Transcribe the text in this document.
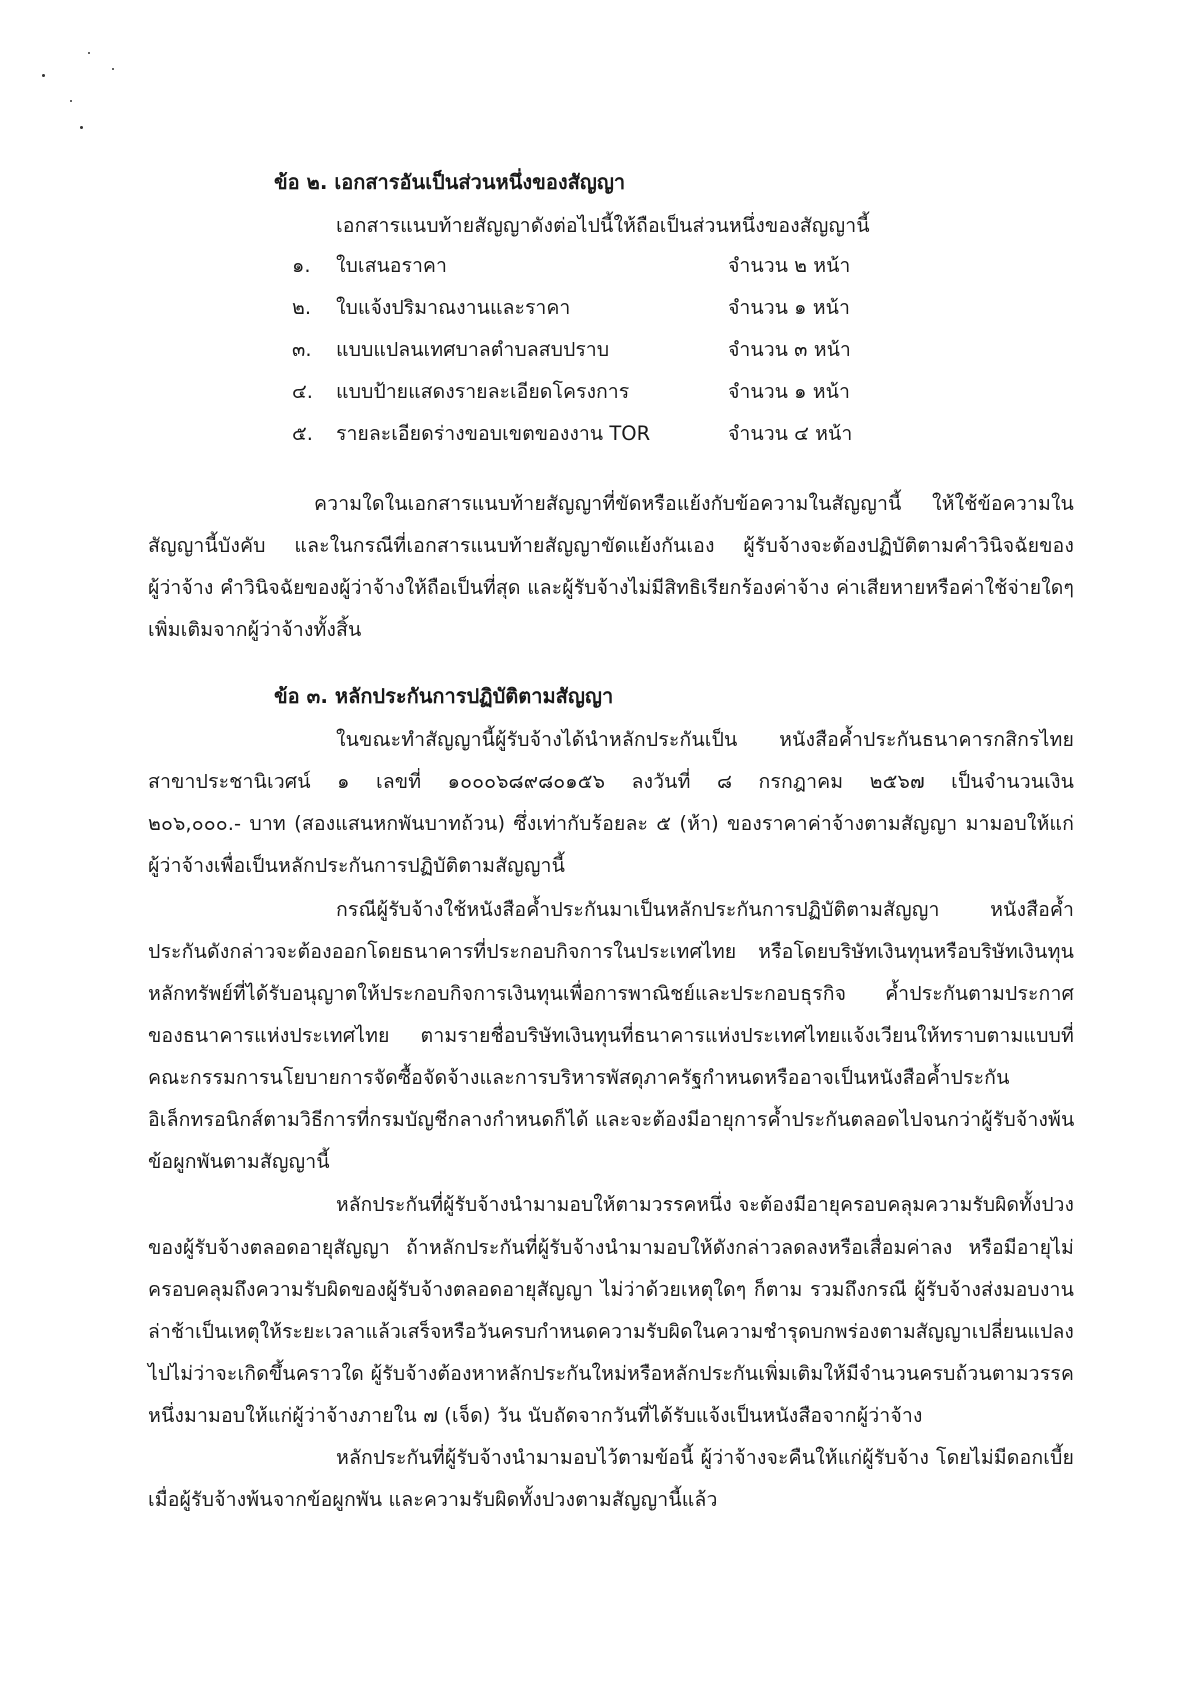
ข้อ ๒. เอกสารอันเป็นส่วนหนึ่งของสัญญา
เอกสารแนบท้ายสัญญาดังต่อไปนี้ให้ถือเป็นส่วนหนึ่งของสัญญานี้
๑. ใบเสนอราคา	จำนวน ๒ หน้า
๒. ใบแจ้งปริมาณงานและราคา	จำนวน ๑ หน้า
๓. แบบแปลนเทศบาลตำบลสบปราบ	จำนวน ๓ หน้า
๔. แบบป้ายแสดงรายละเอียดโครงการ	จำนวน ๑ หน้า
๕. รายละเอียดร่างขอบเขตของงาน TOR	จำนวน ๔ หน้า
ความใดในเอกสารแนบท้ายสัญญาที่ขัดหรือแย้งกับข้อความในสัญญานี้ ให้ใช้ข้อความใน
สัญญานี้บังคับ และในกรณีที่เอกสารแนบท้ายสัญญาขัดแย้งกันเอง ผู้รับจ้างจะต้องปฏิบัติตามคำวินิจฉัยของ
ผู้ว่าจ้าง คำวินิจฉัยของผู้ว่าจ้างให้ถือเป็นที่สุด และผู้รับจ้างไม่มีสิทธิเรียกร้องค่าจ้าง ค่าเสียหายหรือค่าใช้จ่ายใดๆ
เพิ่มเติมจากผู้ว่าจ้างทั้งสิ้น
ข้อ ๓. หลักประกันการปฏิบัติตามสัญญา
ในขณะทำสัญญานี้ผู้รับจ้างได้นำหลักประกันเป็น หนังสือค้ำประกันธนาคารกสิกรไทย
สาขาประชานิเวศน์ ๑ เลขที่ ๑๐๐๐๖๘๙๘๐๑๕๖ ลงวันที่ ๘ กรกฎาคม ๒๕๖๗ เป็นจำนวนเงิน
๒๐๖,๐๐๐.- บาท (สองแสนหกพันบาทถ้วน) ซึ่งเท่ากับร้อยละ ๕ (ห้า) ของราคาค่าจ้างตามสัญญา มามอบให้แก่
ผู้ว่าจ้างเพื่อเป็นหลักประกันการปฏิบัติตามสัญญานี้
กรณีผู้รับจ้างใช้หนังสือค้ำประกันมาเป็นหลักประกันการปฏิบัติตามสัญญา หนังสือค้ำ
ประกันดังกล่าวจะต้องออกโดยธนาคารที่ประกอบกิจการในประเทศไทย หรือโดยบริษัทเงินทุนหรือบริษัทเงินทุน
หลักทรัพย์ที่ได้รับอนุญาตให้ประกอบกิจการเงินทุนเพื่อการพาณิชย์และประกอบธุรกิจ ค้ำประกันตามประกาศ
ของธนาคารแห่งประเทศไทย ตามรายชื่อบริษัทเงินทุนที่ธนาคารแห่งประเทศไทยแจ้งเวียนให้ทราบตามแบบที่
คณะกรรมการนโยบายการจัดซื้อจัดจ้างและการบริหารพัสดุภาครัฐกำหนดหรืออาจเป็นหนังสือค้ำประกัน
อิเล็กทรอนิกส์ตามวิธีการที่กรมบัญชีกลางกำหนดก็ได้ และจะต้องมีอายุการค้ำประกันตลอดไปจนกว่าผู้รับจ้างพ้น
ข้อผูกพันตามสัญญานี้
หลักประกันที่ผู้รับจ้างนำมามอบให้ตามวรรคหนึ่ง จะต้องมีอายุครอบคลุมความรับผิดทั้งปวง
ของผู้รับจ้างตลอดอายุสัญญา ถ้าหลักประกันที่ผู้รับจ้างนำมามอบให้ดังกล่าวลดลงหรือเสื่อมค่าลง หรือมีอายุไม่
ครอบคลุมถึงความรับผิดของผู้รับจ้างตลอดอายุสัญญา ไม่ว่าด้วยเหตุใดๆ ก็ตาม รวมถึงกรณี ผู้รับจ้างส่งมอบงาน
ล่าช้าเป็นเหตุให้ระยะเวลาแล้วเสร็จหรือวันครบกำหนดความรับผิดในความชำรุดบกพร่องตามสัญญาเปลี่ยนแปลง
ไปไม่ว่าจะเกิดขึ้นคราวใด ผู้รับจ้างต้องหาหลักประกันใหม่หรือหลักประกันเพิ่มเติมให้มีจำนวนครบถ้วนตามวรรค
หนึ่งมามอบให้แก่ผู้ว่าจ้างภายใน ๗ (เจ็ด) วัน นับถัดจากวันที่ได้รับแจ้งเป็นหนังสือจากผู้ว่าจ้าง
หลักประกันที่ผู้รับจ้างนำมามอบไว้ตามข้อนี้ ผู้ว่าจ้างจะคืนให้แก่ผู้รับจ้าง โดยไม่มีดอกเบี้ย
เมื่อผู้รับจ้างพ้นจากข้อผูกพัน และความรับผิดทั้งปวงตามสัญญานี้แล้ว
